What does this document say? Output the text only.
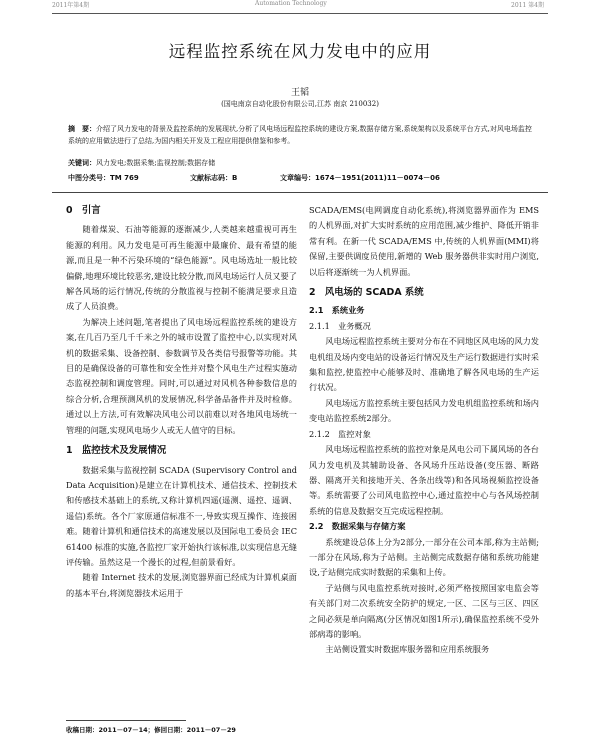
2011年第4期	Automation Technology	2011 第4期
远程监控系统在风力发电中的应用
王韬
(国电南京自动化股份有限公司,江苏 南京 210032)
摘　要：介绍了风力发电的背景及监控系统的发展现状,分析了风电场远程监控系统的建设方案,数据存储方案,系统架构以及系统平台方式,对风电场监控系统的应用做法进行了总结,为国内相关开发及工程应用提供借鉴和参考。
关键词：风力发电;数据采集;监视控制;数据存储
中图分类号：TM 769	文献标志码：B	文章编号：1674－1951(2011)11－0074－06
0　引言

随着煤炭、石油等能源的逐渐减少,人类越来越重视可再生能源的利用。风力发电是可再生能源中最廉价、最有希望的能源,而且是一种不污染环境的“绿色能源”。风电场选址一般比较偏僻,地理环境比较恶劣,建设比较分散,而风电场运行人员又要了解各风场的运行情况,传统的分散监视与控制不能满足要求且造成了人员浪费。

为解决上述问题,笔者提出了风电场远程监控系统的建设方案,在几百乃至几千千米之外的城市设置了监控中心,以实现对风机的数据采集、设备控制、参数调节及各类信号报警等功能。其目的是确保设备的可靠性和安全性并对整个风电生产过程实施动态监视控制和调度管理。同时,可以通过对风机各种参数信息的综合分析,合理预测风机的发展情况,科学备品备件并及时检修。通过以上方法,可有效解决风电公司以前难以对各地风电场统一管理的问题,实现风电场少人或无人值守的目标。

1　监控技术及发展情况

数据采集与监视控制 SCADA (Supervisory Control and Data Acquisition)是建立在计算机技术、通信技术、控制技术和传感技术基础上的系统,又称计算机四遥(遥测、遥控、遥调、遥信)系统。各个厂家原通信标准不一,导致实现互操作、连接困难。随着计算机和通信技术的高速发展以及国际电工委员会 IEC 61400 标准的实施,各监控厂家开始执行该标准,以实现信息无缝评传输。虽然这是一个漫长的过程,但前景看好。

随着 Internet 技术的发展,浏览器界面已经成为计算机桌面的基本平台,将浏览器技术运用于

SCADA/EMS(电网调度自动化系统),将浏览器界面作为 EMS 的人机界面,对扩大实时系统的应用范围,减少维护、降低开销非常有利。在新一代 SCADA/EMS 中,传统的人机界面(MMI)将保留,主要供调度员使用,新增的 Web 服务器供非实时用户浏览,以后将逐渐统一为人机界面。

2　风电场的 SCADA 系统
2.1　系统业务
2.1.1　业务概况

风电场远程监控系统主要对分布在不同地区风电场的风力发电机组及场内变电站的设备运行情况及生产运行数据进行实时采集和监控,使监控中心能够及时、准确地了解各风电场的生产运行状况。

风电场远方监控系统主要包括风力发电机组监控系统和场内变电站监控系统2部分。

2.1.2　监控对象

风电场远程监控系统的监控对象是风电公司下属风场的各台风力发电机及其辅助设备、各风场升压站设备(变压器、断路器、隔离开关和接地开关、各条出线等)和各风场视频监控设备等。系统需要了公司风电监控中心,通过监控中心与各风场控制系统的信息及数据交互完成远程控制。

2.2　数据采集与存储方案

系统建设总体上分为2部分,一部分在公司本部,称为主站侧;一部分在风场,称为子站侧。主站侧完成数据存储和系统功能建设,子站侧完成实时数据的采集和上传。

子站侧与风电监控系统对接时,必须严格按照国家电监会等有关部门对二次系统安全防护的规定,一区、二区与三区、四区之间必须是单向隔离(分区情况如图1所示),确保监控系统不受外部病毒的影响。

主站侧设置实时数据库服务器和应用系统服务

收稿日期：2011－07－14；修回日期：2011－07－29
